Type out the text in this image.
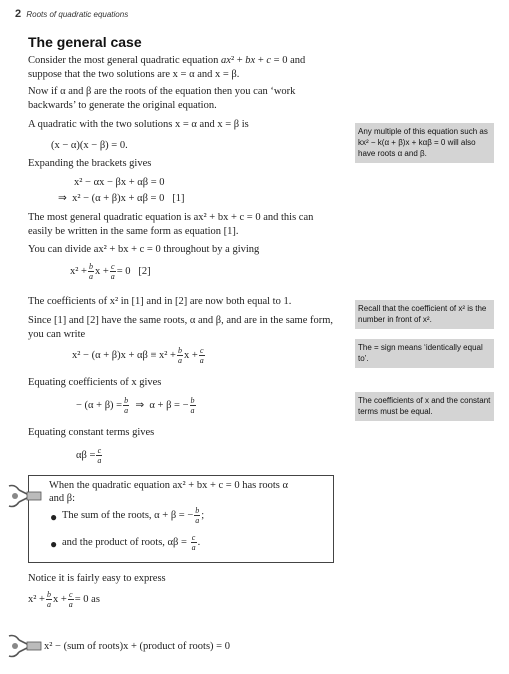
2 Roots of quadratic equations
The general case
Consider the most general quadratic equation ax² + bx + c = 0 and suppose that the two solutions are x = α and x = β.
Now if α and β are the roots of the equation then you can ‘work backwards’ to generate the original equation.
A quadratic with the two solutions x = α and x = β is
(x − α)(x − β) = 0.
Expanding the brackets gives
x² − αx − βx + αβ = 0
⇒ x² − (α + β)x + αβ = 0 [1]
The most general quadratic equation is ax² + bx + c = 0 and this can easily be written in the same form as equation [1].
You can divide ax² + bx + c = 0 throughout by a giving
$x^2 + \frac{b}{a}$ $x + \frac{c}{a} = 0$   [2]
The coefficients of x² in [1] and in [2] are now both equal to 1.
Since [1] and [2] have the same roots, α and β, and are in the same form, you can write
$x^2 - (\alpha + \beta)x + \alpha\beta \equiv x^2 + \frac{b}{a}$ $x + \frac{c}{a}$
Equating coefficients of x gives
− $(\alpha + \beta) = \frac{b}{a}$ ⇒  α + β = − $\frac{b}{a}$
Equating constant terms gives
$\alpha\beta = \frac{c}{a}$
Any multiple of this equation such as kx² − k(α + β)x + kαβ = 0 will also have roots α and β.
Recall that the coefficient of x² is the number in front of x².
The = sign means ‘identically equal to’.
The coefficients of x and the constant terms must be equal.
When the quadratic equation ax² + bx + c = 0 has roots α
and β:
● The sum of the roots, α + β = − $\frac{b}{a}$ ;
● and the product of roots, $\alpha\beta = \frac{c}{a}$ .
Notice it is fairly easy to express
$x^2 + \frac{b}{a}$ $x + \frac{c}{a} = 0$ as
x² − (sum of roots)x + (product of roots) = 0
